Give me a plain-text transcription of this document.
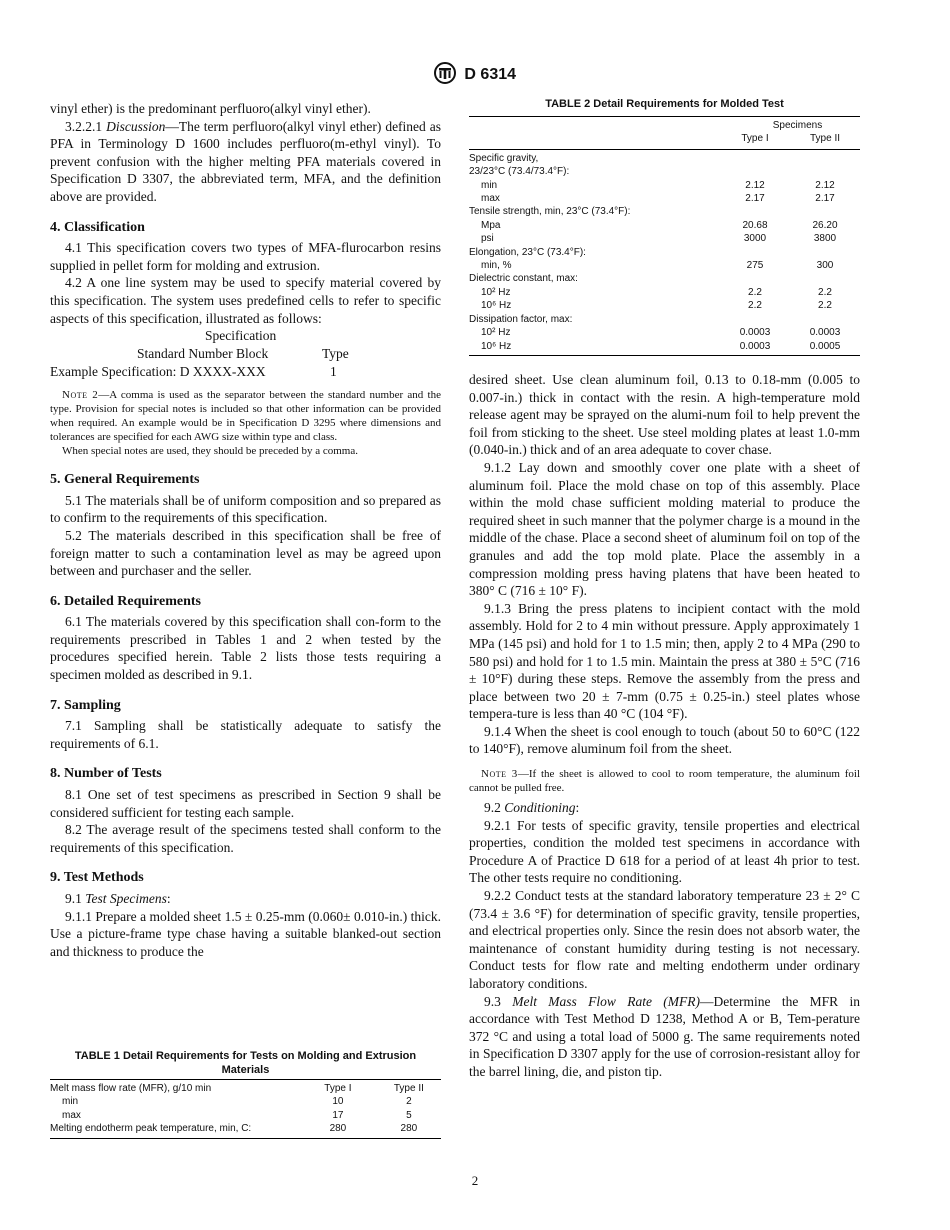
D 6314

vinyl ether) is the predominant perfluoro(alkyl vinyl ether).

3.2.2.1 Discussion—The term perfluoro(alkyl vinyl ether) defined as PFA in Terminology D 1600 includes perfluoro(m-ethyl vinyl). To prevent confusion with the higher melting PFA materials covered in Specification D 3307, the abbreviated term, MFA, and the definition above are provided.

4. Classification

4.1 This specification covers two types of MFA-flurocarbon resins supplied in pellet form for molding and extrusion.

4.2 A one line system may be used to specify material covered by this specification. The system uses predefined cells to refer to specific aspects of this specification, illustrated as follows:

Specification
Standard Number Block	Type
Example Specification: D XXXX-XXX	1

Note 2—A comma is used as the separator between the standard number and the type. Provision for special notes is included so that other information can be provided when required. An example would be in Specification D 3295 where dimensions and tolerances are specified for each AWG size within type and class.

When special notes are used, they should be preceded by a comma.

5. General Requirements

5.1 The materials shall be of uniform composition and so prepared as to confirm to the requirements of this specification.

5.2 The materials described in this specification shall be free of foreign matter to such a contamination level as may be agreed upon between and purchaser and the seller.

6. Detailed Requirements

6.1 The materials covered by this specification shall con-form to the requirements prescribed in Tables 1 and 2 when tested by the procedures specified herein. Table 2 lists those tests requiring a specimen molded as described in 9.1.

7. Sampling

7.1 Sampling shall be statistically adequate to satisfy the requirements of 6.1.

8. Number of Tests

8.1 One set of test specimens as prescribed in Section 9 shall be considered sufficient for testing each sample.

8.2 The average result of the specimens tested shall conform to the requirements of this specification.

9. Test Methods

9.1 Test Specimens:

9.1.1 Prepare a molded sheet 1.5 ± 0.25-mm (0.060± 0.010-in.) thick. Use a picture-frame type chase having a suitable blanked-out section and thickness to produce the

TABLE 1 Detail Requirements for Tests on Molding and Extrusion Materials
Melt mass flow rate (MFR), g/10 min	Type I	Type II
min	10	2
max	17	5
Melting endotherm peak temperature, min, C:	280	280
TABLE 2 Detail Requirements for Molded Test

	Specimens
Type I Type II	

Specific gravity,		
23/23°C (73.4/73.4°F):		
min	2.12	2.12
max	2.17	2.17
Tensile strength, min, 23°C (73.4°F):		
Mpa	20.68	26.20
psi	3000	3800
Elongation, 23°C (73.4°F):		
min, %	275	300
Dielectric constant, max:		
10² Hz	2.2	2.2
10⁶ Hz	2.2	2.2
Dissipation factor, max:		
10² Hz	0.0003	0.0003
10⁶ Hz	0.0003	0.0005

desired sheet. Use clean aluminum foil, 0.13 to 0.18-mm (0.005 to 0.007-in.) thick in contact with the resin. A high-temperature mold release agent may be sprayed on the alumi-num foil to help prevent the foil from sticking to the sheet. Use steel molding plates at least 1.0-mm (0.040-in.) thick and of an area adequate to cover chase.

9.1.2 Lay down and smoothly cover one plate with a sheet of aluminum foil. Place the mold chase on top of this assembly. Place within the mold chase sufficient molding material to produce the required sheet in such manner that the polymer charge is a mound in the middle of the chase. Place a second sheet of aluminum foil on top of the granules and add the top mold plate. Place the assembly in a compression molding press having platens that have been heated to 380° C (716 ± 10° F).

9.1.3 Bring the press platens to incipient contact with the mold assembly. Hold for 2 to 4 min without pressure. Apply approximately 1 MPa (145 psi) and hold for 1 to 1.5 min; then, apply 2 to 4 MPa (290 to 580 psi) and hold for 1 to 1.5 min. Maintain the press at 380 ± 5°C (716 ± 10°F) during these steps. Remove the assembly from the press and place between two 20 ± 7-mm (0.75 ± 0.25-in.) steel plates whose tempera-ture is less than 40 °C (104 °F).

9.1.4 When the sheet is cool enough to touch (about 50 to 60°C (122 to 140°F), remove aluminum foil from the sheet.

Note 3—If the sheet is allowed to cool to room temperature, the aluminum foil cannot be pulled free.

9.2 Conditioning:

9.2.1 For tests of specific gravity, tensile properties and electrical properties, condition the molded test specimens in accordance with Procedure A of Practice D 618 for a period of at least 4h prior to test. The other tests require no conditioning.

9.2.2 Conduct tests at the standard laboratory temperature 23 ± 2° C (73.4 ± 3.6 °F) for determination of specific gravity, tensile properties, and electrical properties only. Since the resin does not absorb water, the maintenance of constant humidity during testing is not necessary. Conduct tests for flow rate and melting endotherm under ordinary laboratory conditions.

9.3 Melt Mass Flow Rate (MFR)—Determine the MFR in accordance with Test Method D 1238, Method A or B, Tem-perature 372 °C and using a total load of 5000 g. The same requirements noted in Specification D 3307 apply for the use of corrosion-resistant alloy for the barrel lining, die, and piston tip.

2
